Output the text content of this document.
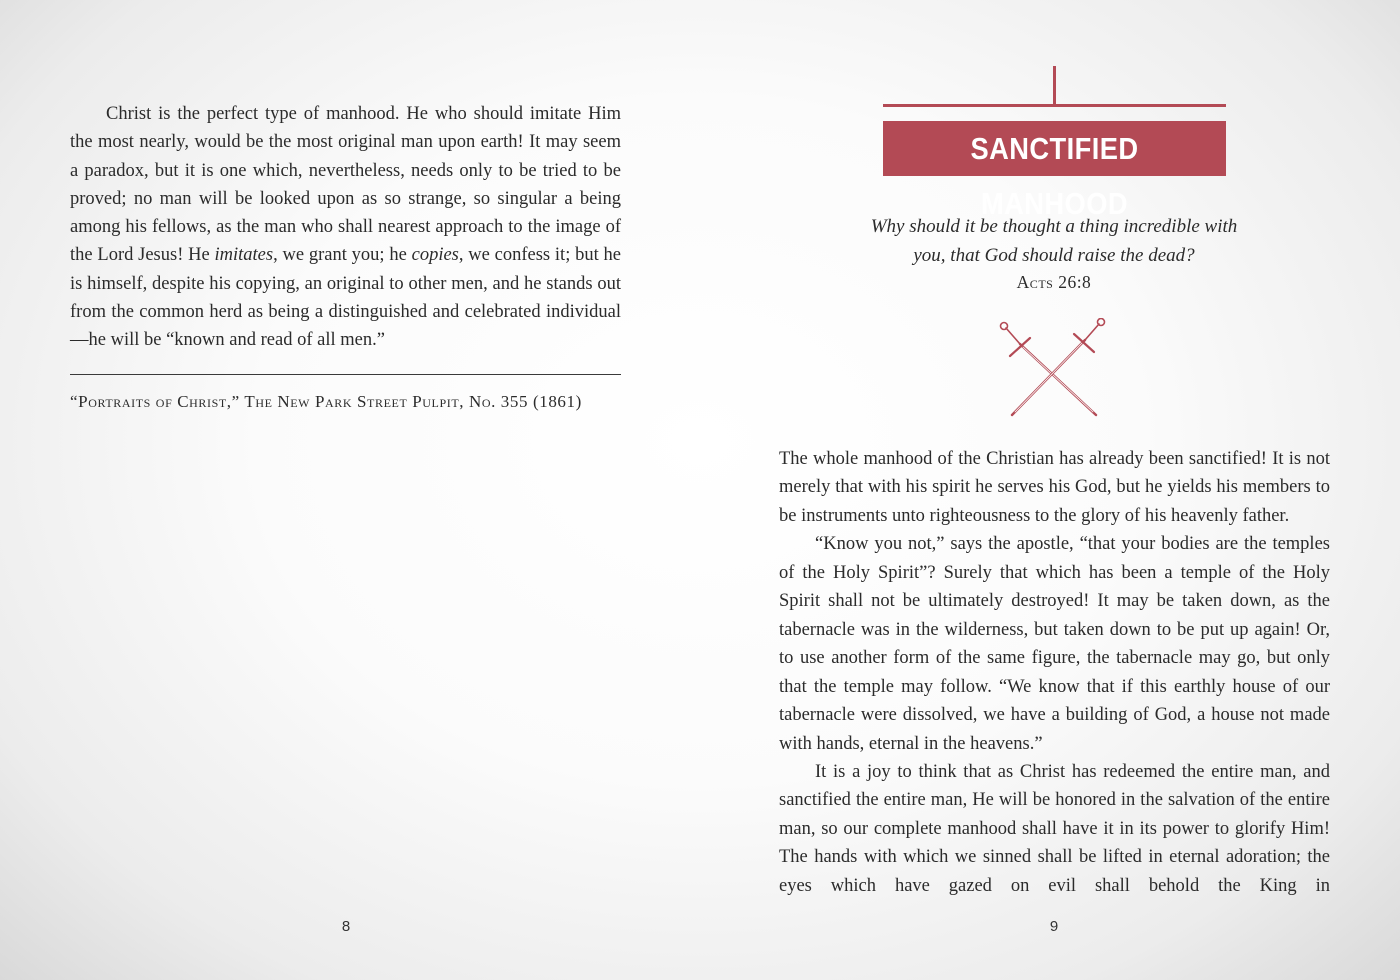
Christ is the perfect type of manhood. He who should imitate Him the most nearly, would be the most original man upon earth! It may seem a paradox, but it is one which, nevertheless, needs only to be tried to be proved; no man will be looked upon as so strange, so singular a being among his fellows, as the man who shall nearest approach to the image of the Lord Jesus! He imitates, we grant you; he copies, we confess it; but he is himself, despite his copying, an original to other men, and he stands out from the common herd as being a distinguished and celebrated individual—he will be “known and read of all men.”

“Portraits of Christ,” The New Park Street Pulpit, No. 355 (1861)

8
SANCTIFIED MANHOOD

Why should it be thought a thing incredible with
you, that God should raise the dead?

Acts 26:8

The whole manhood of the Christian has already been sanctified! It is not merely that with his spirit he serves his God, but he yields his members to be instruments unto righteousness to the glory of his heavenly father.

“Know you not,” says the apostle, “that your bodies are the temples of the Holy Spirit”? Surely that which has been a temple of the Holy Spirit shall not be ultimately destroyed! It may be taken down, as the tabernacle was in the wilderness, but taken down to be put up again! Or, to use another form of the same figure, the tabernacle may go, but only that the temple may follow. “We know that if this earthly house of our tabernacle were dissolved, we have a building of God, a house not made with hands, eternal in the heavens.”

It is a joy to think that as Christ has redeemed the entire man, and sanctified the entire man, He will be honored in the salvation of the entire man, so our complete manhood shall have it in its power to glorify Him! The hands with which we sinned shall be lifted in eternal adoration; the eyes which have gazed on evil shall behold the King in

9
